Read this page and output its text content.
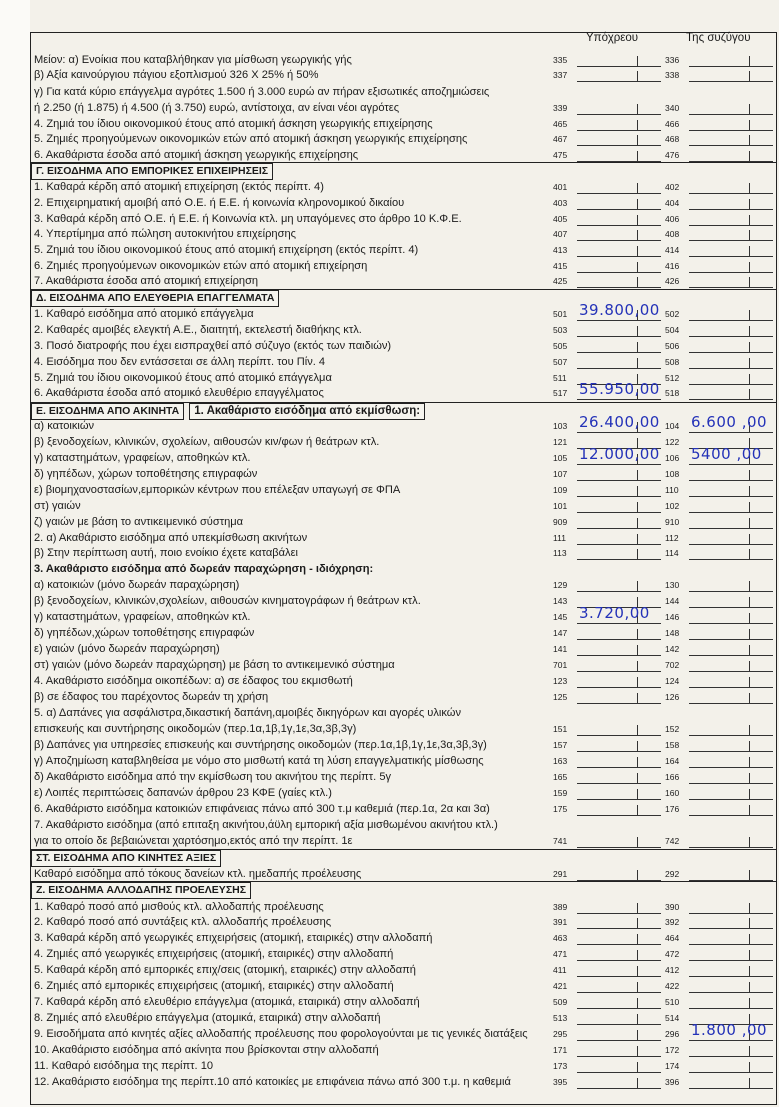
Υπόχρεου	Της συζύγου
Μείον: α) Ενοίκια που καταβλήθηκαν για μίσθωση γεωργικής γής	335	336
β) Αξία καινούργιου πάγιου εξοπλισμού 326 Χ 25% ή 50%	337	338
γ) Για κατά κύριο επάγγελμα αγρότες 1.500 ή 3.000 ευρώ αν πήραν εξισωτικές αποζημιώσεις
ή 2.250 (ή 1.875) ή 4.500 (ή 3.750) ευρώ, αντίστοιχα, αν είναι νέοι αγρότες	339	340
4. Ζημιά του ίδιου οικονομικού έτους από ατομική άσκηση γεωργικής επιχείρησης	465	466
5. Ζημιές προηγούμενων οικονομικών ετών από ατομική άσκηση γεωργικής επιχείρησης	467	468
6. Ακαθάριστα έσοδα από ατομική άσκηση γεωργικής επιχείρησης	475	476
1. Καθαρά κέρδη από ατομική επιχείρηση (εκτός περίπτ. 4)	401	402
2. Επιχειρηματική αμοιβή από Ο.Ε. ή Ε.Ε. ή κοινωνία κληρονομικού δικαίου	403	404
3. Καθαρά κέρδη από Ο.Ε. ή Ε.Ε. ή Κοινωνία κτλ. μη υπαγόμενες στο άρθρο 10 Κ.Φ.Ε.	405	406
4. Υπερτίμημα από πώληση αυτοκινήτου επιχείρησης	407	408
5. Ζημιά του ίδιου οικονομικού έτους από ατομική επιχείρηση (εκτός περίπτ. 4)	413	414
6. Ζημιές προηγούμενων οικονομικών ετών από ατομική επιχείρηση	415	416
7. Ακαθάριστα έσοδα από ατομική επιχείρηση	425	426
1. Καθαρό εισόδημα από ατομικό επάγγελμα	501 39.800,00 502
2. Καθαρές αμοιβές ελεγκτή Α.Ε., διαιτητή, εκτελεστή διαθήκης κτλ.	503	504
3. Ποσό διατροφής που έχει εισπραχθεί από σύζυγο (εκτός των παιδιών)	505	506
4. Εισόδημα που δεν εντάσσεται σε άλλη περίπτ. του Πίν. 4	507	508
5. Ζημιά του ίδιου οικονομικού έτους από ατομικό επάγγελμα	511	512
6. Ακαθάριστα έσοδα από ατομικό ελευθέριο επαγγέλματος	517 55.950,00 518
α) κατοικιών	103 26.400,00 104 6.600 ,00
β) ξενοδοχείων, κλινικών, σχολείων, αιθουσών κιν/φων ή θεάτρων κτλ.	121	122
γ) καταστημάτων, γραφείων, αποθηκών κτλ.	105 12.000,00 106 5400 ,00
δ) γηπέδων, χώρων τοποθέτησης επιγραφών	107	108
ε) βιομηχανοστασίων,εμπορικών κέντρων που επέλεξαν υπαγωγή σε ΦΠΑ	109	110
στ) γαιών	101	102
ζ) γαιών με βάση το αντικειμενικό σύστημα	909	910
2. α) Ακαθάριστο εισόδημα από υπεκμίσθωση ακινήτων	111	112
β) Στην περίπτωση αυτή, ποιο ενοίκιο έχετε καταβάλει	113	114
α) κατοικιών (μόνο δωρεάν παραχώρηση)	129	130
β) ξενοδοχείων, κλινικών,σχολείων, αιθουσών κινηματογράφων ή θεάτρων κτλ.	143	144
γ) καταστημάτων, γραφείων, αποθηκών κτλ.	145 3.720,00 146
δ) γηπέδων,χώρων τοποθέτησης επιγραφών	147	148
ε) γαιών (μόνο δωρεάν παραχώρηση)	141	142
στ) γαιών (μόνο δωρεάν παραχώρηση) με βάση το αντικειμενικό σύστημα	701	702
4. Ακαθάριστο εισόδημα οικοπέδων: α) σε έδαφος του εκμισθωτή	123	124
β) σε έδαφος του παρέχοντος δωρεάν τη χρήση	125	126
επισκευής και συντήρησης οικοδομών (περ.1α,1β,1γ,1ε,3α,3β,3γ)	151	152
β) Δαπάνες για υπηρεσίες επισκευής και συντήρησης οικοδομών (περ.1α,1β,1γ,1ε,3α,3β,3γ)	157	158
γ) Αποζημίωση καταβληθείσα με νόμο στο μισθωτή κατά τη λύση επαγγελματικής μίσθωσης	163	164
δ) Ακαθάριστο εισόδημα από την εκμίσθωση του ακινήτου της περίπτ. 5γ	165	166
ε) Λοιπές περιπτώσεις δαπανών άρθρου 23 ΚΦΕ (γαίες κτλ.)	159	160
6. Ακαθάριστο εισόδημα κατοικιών επιφάνειας πάνω από 300 τ.μ καθεμιά (περ.1α, 2α και 3α)	175	176
για το οποίο δε βεβαιώνεται χαρτόσημο,εκτός από την περίπτ. 1ε	741	742
Καθαρό εισόδημα από τόκους δανείων κτλ. ημεδαπής προέλευσης	291	292
1. Καθαρό ποσό από μισθούς κτλ. αλλοδαπής προέλευσης	389	390
2. Καθαρό ποσό από συντάξεις κτλ. αλλοδαπής προέλευσης	391	392
3. Καθαρά κέρδη από γεωργικές επιχειρήσεις (ατομική, εταιρικές) στην αλλοδαπή	463	464
4. Ζημιές από γεωργικές επιχειρήσεις (ατομική, εταιρικές) στην αλλοδαπή	471	472
5. Καθαρά κέρδη από εμπορικές επιχ/σεις (ατομική, εταιρικές) στην αλλοδαπή	411	412
6. Ζημιές από εμπορικές επιχειρήσεις (ατομική, εταιρικές) στην αλλοδαπή	421	422
7. Καθαρά κέρδη από ελευθέριο επάγγελμα (ατομικά, εταιρικά) στην αλλοδαπή	509	510
8. Ζημιές από ελευθέριο επάγγελμα (ατομικά, εταιρικά) στην αλλοδαπή	513	514
9. Εισοδήματα από κινητές αξίες αλλοδαπής προέλευσης που φορολογούνται με τις γενικές διατάξεις	295	296 1.800 ,00
10. Ακαθάριστο εισόδημα από ακίνητα που βρίσκονται στην αλλοδαπή	171	172
11. Καθαρό εισόδημα της περίπτ. 10	173	174
12. Ακαθάριστο εισόδημα της περίπτ.10 από κατοικίες με επιφάνεια πάνω από 300 τ.μ. η καθεμιά	395	396
3. Ακαθάριστο εισόδημα από δωρεάν παραχώρηση - ιδιόχρηση:
5. α) Δαπάνες για ασφάλιστρα,δικαστική δαπάνη,αμοιβές δικηγόρων και αγορές υλικών
7. Ακαθάριστο εισόδημα (από επιταξη ακινήτου,άϋλη εμπορική αξία μισθωμένου ακινήτου κτλ.)
Γ. ΕΙΣΟΔΗΜΑ ΑΠΟ ΕΜΠΟΡΙΚΕΣ ΕΠΙΧΕΙΡΗΣΕΙΣ
Δ. ΕΙΣΟΔΗΜΑ ΑΠΟ ΕΛΕΥΘΕΡΙΑ ΕΠΑΓΓΕΛΜΑΤΑ
Ε. ΕΙΣΟΔΗΜΑ ΑΠΟ ΑΚΙΝΗΤΑ 1. Ακαθάριστο εισόδημα από εκμίσθωση:
ΣΤ. ΕΙΣΟΔΗΜΑ ΑΠΟ ΚΙΝΗΤΕΣ ΑΞΙΕΣ
Ζ. ΕΙΣΟΔΗΜΑ ΑΛΛΟΔΑΠΗΣ ΠΡΟΕΛΕΥΣΗΣ
